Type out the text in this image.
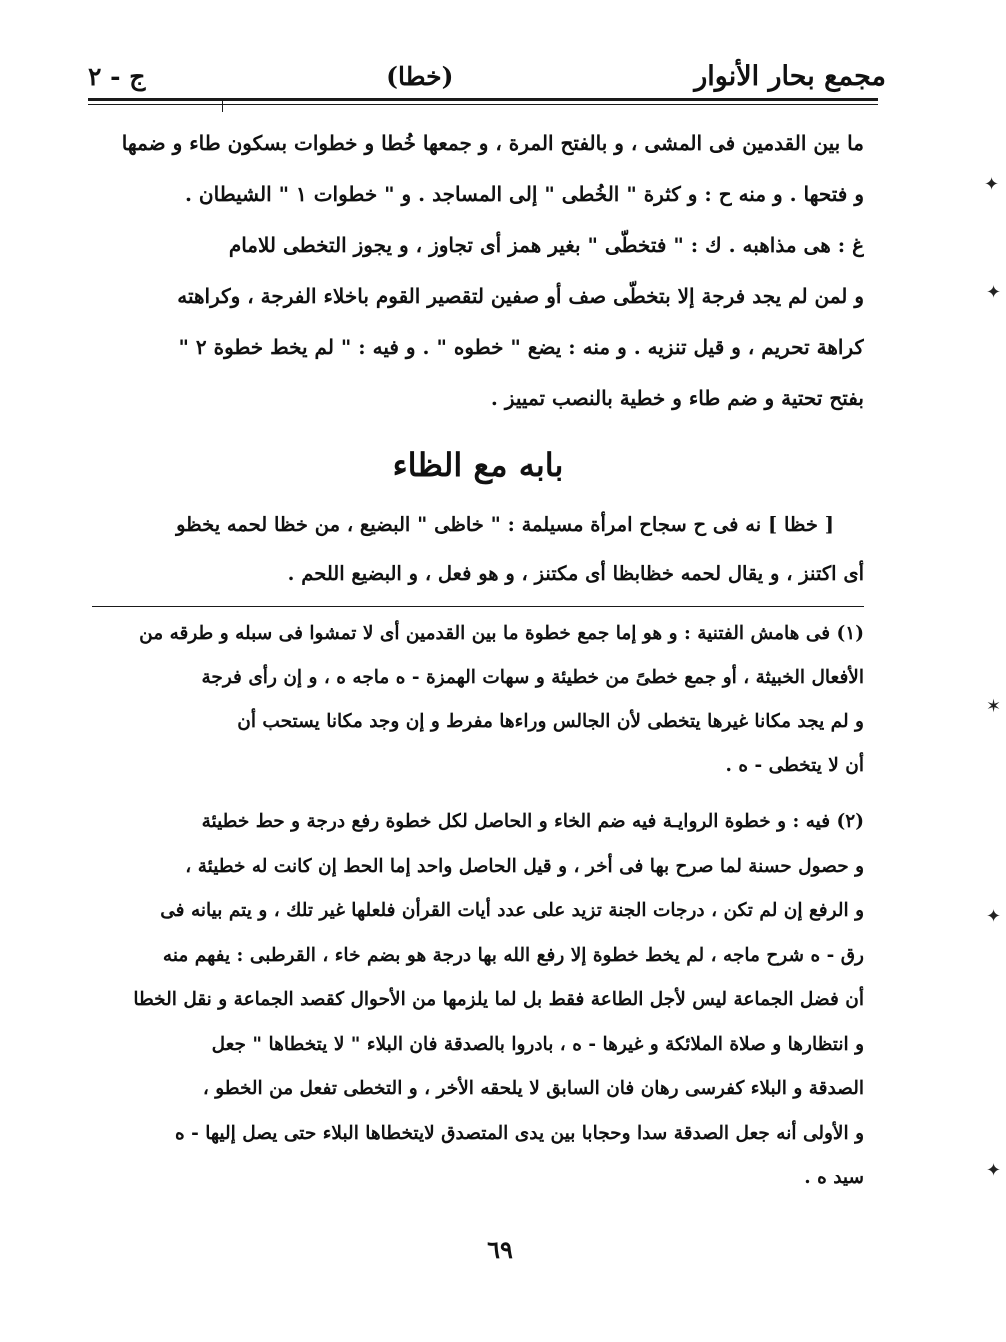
مجمع بحار الأنوار
(خطا)
ج - ٢
ما بين القدمين فى المشى ، و بالفتح المرة ، و جمعها خُطا و خطوات بسكون طاء و ضمها
و فتحها . و منه ح : و كثرة " الخُطى " إلى المساجد . و " خطوات ١ " الشيطان .
غ : هى مذاهبه . ك : " فتخطّى " بغير همز أى تجاوز ، و يجوز التخطى للامام
و لمن لم يجد فرجة إلا بتخطّى صف أو صفين لتقصير القوم باخلاء الفرجة ، وكراهته
كراهة تحريم ، و قيل تنزيه . و منه : يضع " خطوه " . و فيه : " لم يخط خطوة ٢ "
بفتح تحتية و ضم طاء و خطية بالنصب تمييز .
بابه مع الظاء
[ خظا ] نه فى ح سجاح امرأة مسيلمة : " خاظى " البضيع ، من خظا لحمه يخظو
أى اكتنز ، و يقال لحمه خظابظا أى مكتنز ، و هو فعل ، و البضيع اللحم .
(١) فى هامش الفتنية : و هو إما جمع خطوة ما بين القدمين أى لا تمشوا فى سبله و طرقه من
الأفعال الخبيثة ، أو جمع خطىً من خطيئة و سهات الهمزة - ه ماجه ه ، و إن رأى فرجة
و لم يجد مكانا غيرها يتخطى لأن الجالس وراءها مفرط و إن وجد مكانا يستحب أن
أن لا يتخطى - ه .
(٢) فيه : و خطوة الروايـة فيه ضم الخاء و الحاصل لكل خطوة رفع درجة و حط خطيئة
و حصول حسنة لما صرح بها فى أخر ، و قيل الحاصل واحد إما الحط إن كانت له خطيئة ،
و الرفع إن لم تكن ، درجات الجنة تزيد على عدد أيات القرأن فلعلها غير تلك ، و يتم بيانه فى
رق - ه شرح ماجه ، لم يخط خطوة إلا رفع الله بها درجة هو بضم خاء ، القرطبى : يفهم منه
أن فضل الجماعة ليس لأجل الطاعة فقط بل لما يلزمها من الأحوال كقصد الجماعة و نقل الخطا
و انتظارها و صلاة الملائكة و غيرها - ه ، بادروا بالصدقة فان البلاء " لا يتخطاها " جعل
الصدقة و البلاء كفرسى رهان فان السابق لا يلحقه الأخر ، و التخطى تفعل من الخطو ،
و الأولى أنه جعل الصدقة سدا وحجابا بين يدى المتصدق لايتخطاها البلاء حتى يصل إليها - ه
سيد ه .
٦٩
✦
✦
✶
✦
✦
